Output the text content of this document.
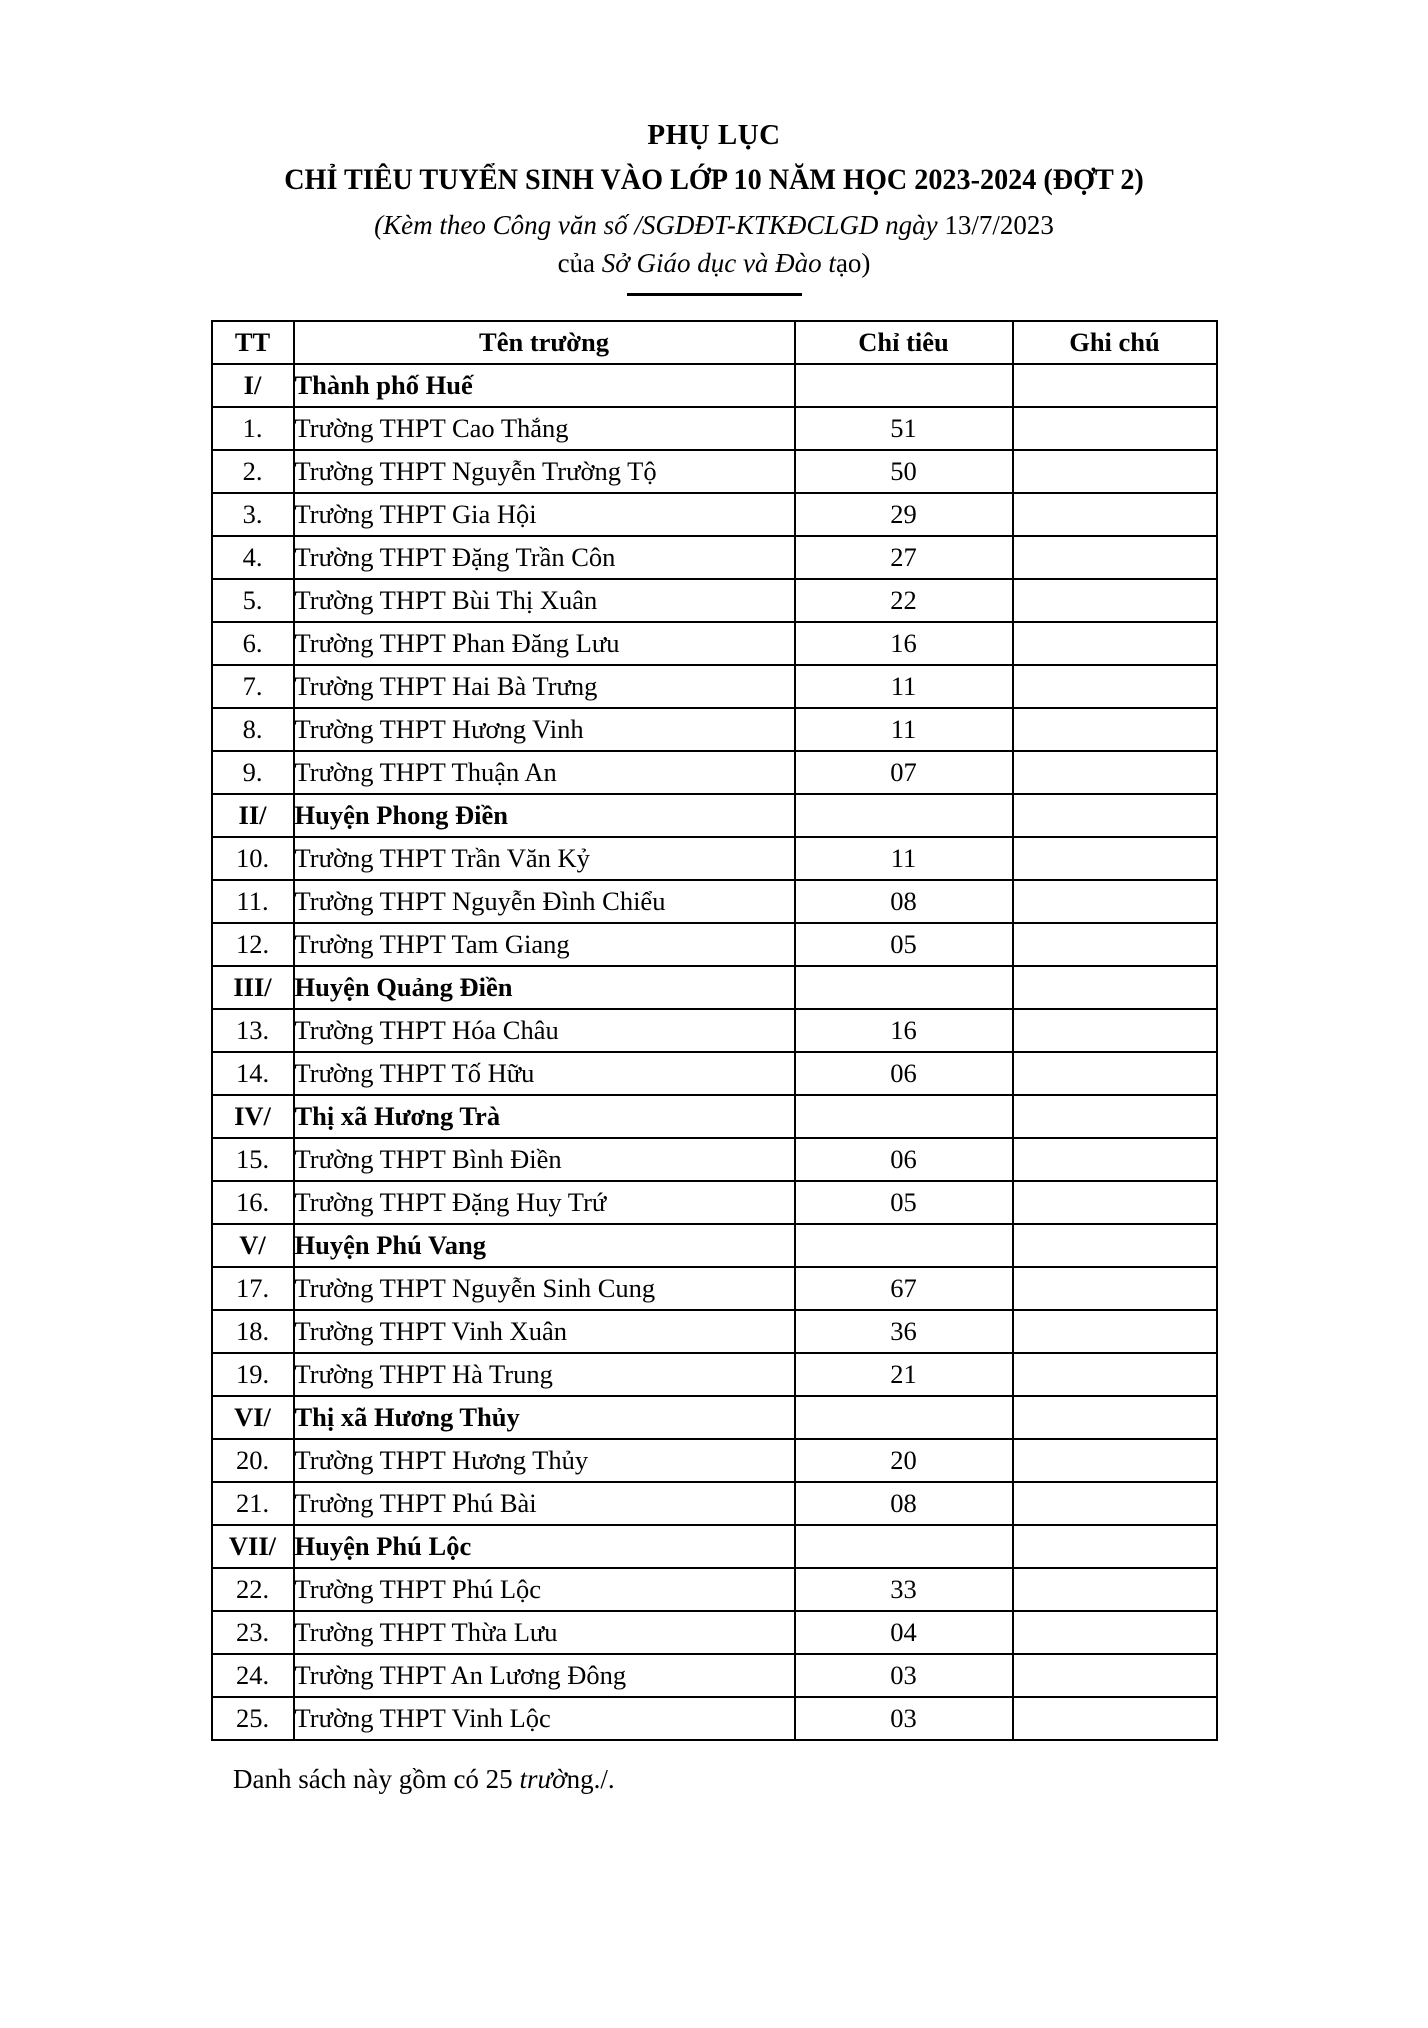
PHỤ LỤC
CHỈ TIÊU TUYỂN SINH VÀO LỚP 10 NĂM HỌC 2023-2024 (ĐỢT 2)
(Kèm theo Công văn số /SGDĐT-KTKĐCLGD ngày 13/7/2023
của Sở Giáo dục và Đào tạo)
TT	Tên trường	Chỉ tiêu	Ghi chú
I/	Thành phố Huế		
1.	Trường THPT Cao Thắng	51	
2.	Trường THPT Nguyễn Trường Tộ	50	
3.	Trường THPT Gia Hội	29	
4.	Trường THPT Đặng Trần Côn	27	
5.	Trường THPT Bùi Thị Xuân	22	
6.	Trường THPT Phan Đăng Lưu	16	
7.	Trường THPT Hai Bà Trưng	11	
8.	Trường THPT Hương Vinh	11	
9.	Trường THPT Thuận An	07	
II/	Huyện Phong Điền		
10.	Trường THPT Trần Văn Kỷ	11	
11.	Trường THPT Nguyễn Đình Chiểu	08	
12.	Trường THPT Tam Giang	05	
III/	Huyện Quảng Điền		
13.	Trường THPT Hóa Châu	16	
14.	Trường THPT Tố Hữu	06	
IV/	Thị xã Hương Trà		
15.	Trường THPT Bình Điền	06	
16.	Trường THPT Đặng Huy Trứ	05	
V/	Huyện Phú Vang		
17.	Trường THPT Nguyễn Sinh Cung	67	
18.	Trường THPT Vinh Xuân	36	
19.	Trường THPT Hà Trung	21	
VI/	Thị xã Hương Thủy		
20.	Trường THPT Hương Thủy	20	
21.	Trường THPT Phú Bài	08	
VII/	Huyện Phú Lộc		
22.	Trường THPT Phú Lộc	33	
23.	Trường THPT Thừa Lưu	04	
24.	Trường THPT An Lương Đông	03	
25.	Trường THPT Vinh Lộc	03	
Danh sách này gồm có 25 trường./.
